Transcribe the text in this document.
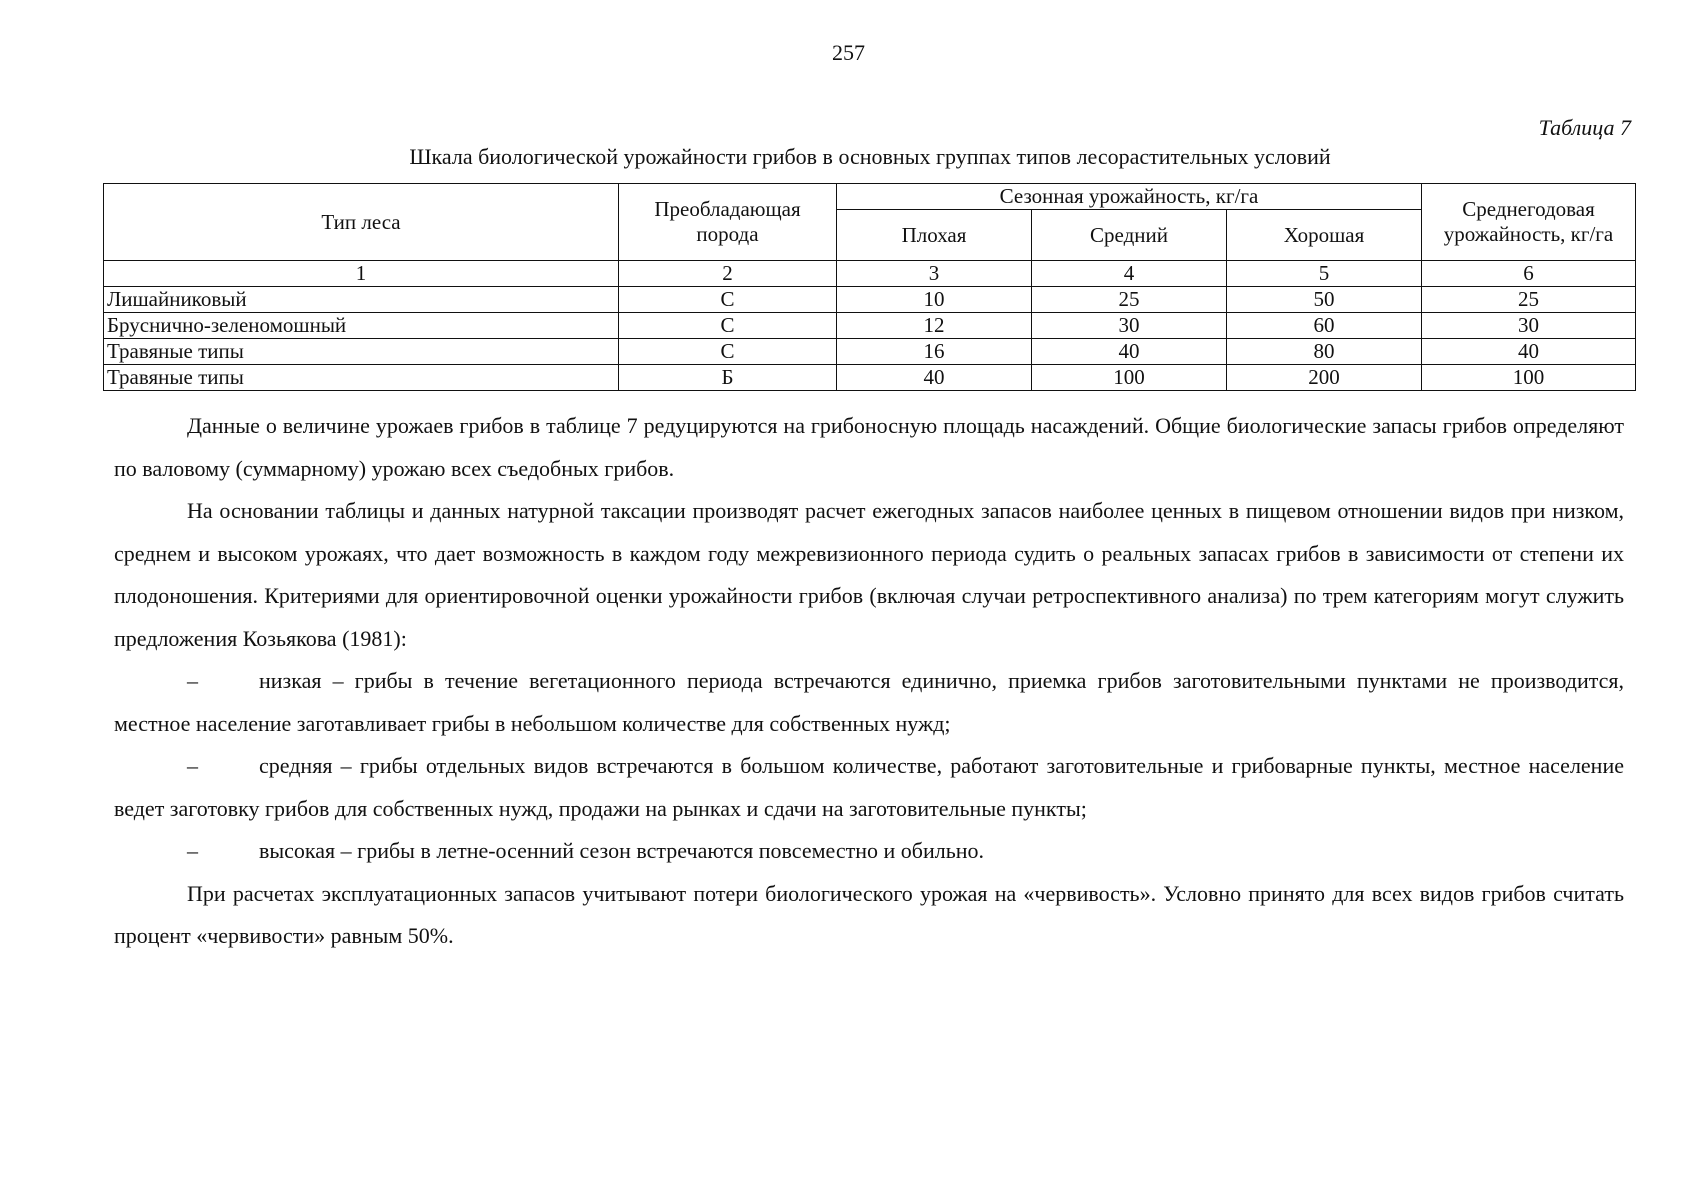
257
Таблица 7
Шкала биологической урожайности грибов в основных группах типов лесорастительных условий
Тип леса	Преобладающая порода	Сезонная урожайность, кг/га			Среднегодовая урожайность, кг/га
		Плохая	Средний	Хорошая	
1	2	3	4	5	6
Лишайниковый	С	10	25	50	25
Бруснично-зеленомошный	С	12	30	60	30
Травяные типы	С	16	40	80	40
Травяные типы	Б	40	100	200	100

Данные о величине урожаев грибов в таблице 7 редуцируются на грибоносную площадь насаждений. Общие биологические запасы грибов определяют по валовому (суммарному) урожаю всех съедобных грибов.

На основании таблицы и данных натурной таксации производят расчет ежегодных запасов наиболее ценных в пищевом отношении видов при низком, среднем и высоком урожаях, что дает возможность в каждом году межревизионного периода судить о реальных запасах грибов в зависимости от степени их плодоношения. Критериями для ориентировочной оценки урожайности грибов (включая случаи ретроспективного анализа) по трем категориям могут служить предложения Козьякова (1981):

–	низкая – грибы в течение вегетационного периода встречаются единично, приемка грибов заготовительными пунктами не производится, местное население заготавливает грибы в небольшом количестве для собственных нужд;

–	средняя – грибы отдельных видов встречаются в большом количестве, работают заготовительные и грибоварные пункты, местное население ведет заготовку грибов для собственных нужд, продажи на рынках и сдачи на заготовительные пункты;

–	высокая – грибы в летне-осенний сезон встречаются повсеместно и обильно.

При расчетах эксплуатационных запасов учитывают потери биологического урожая на «червивость». Условно принято для всех видов грибов считать процент «червивости» равным 50%.
